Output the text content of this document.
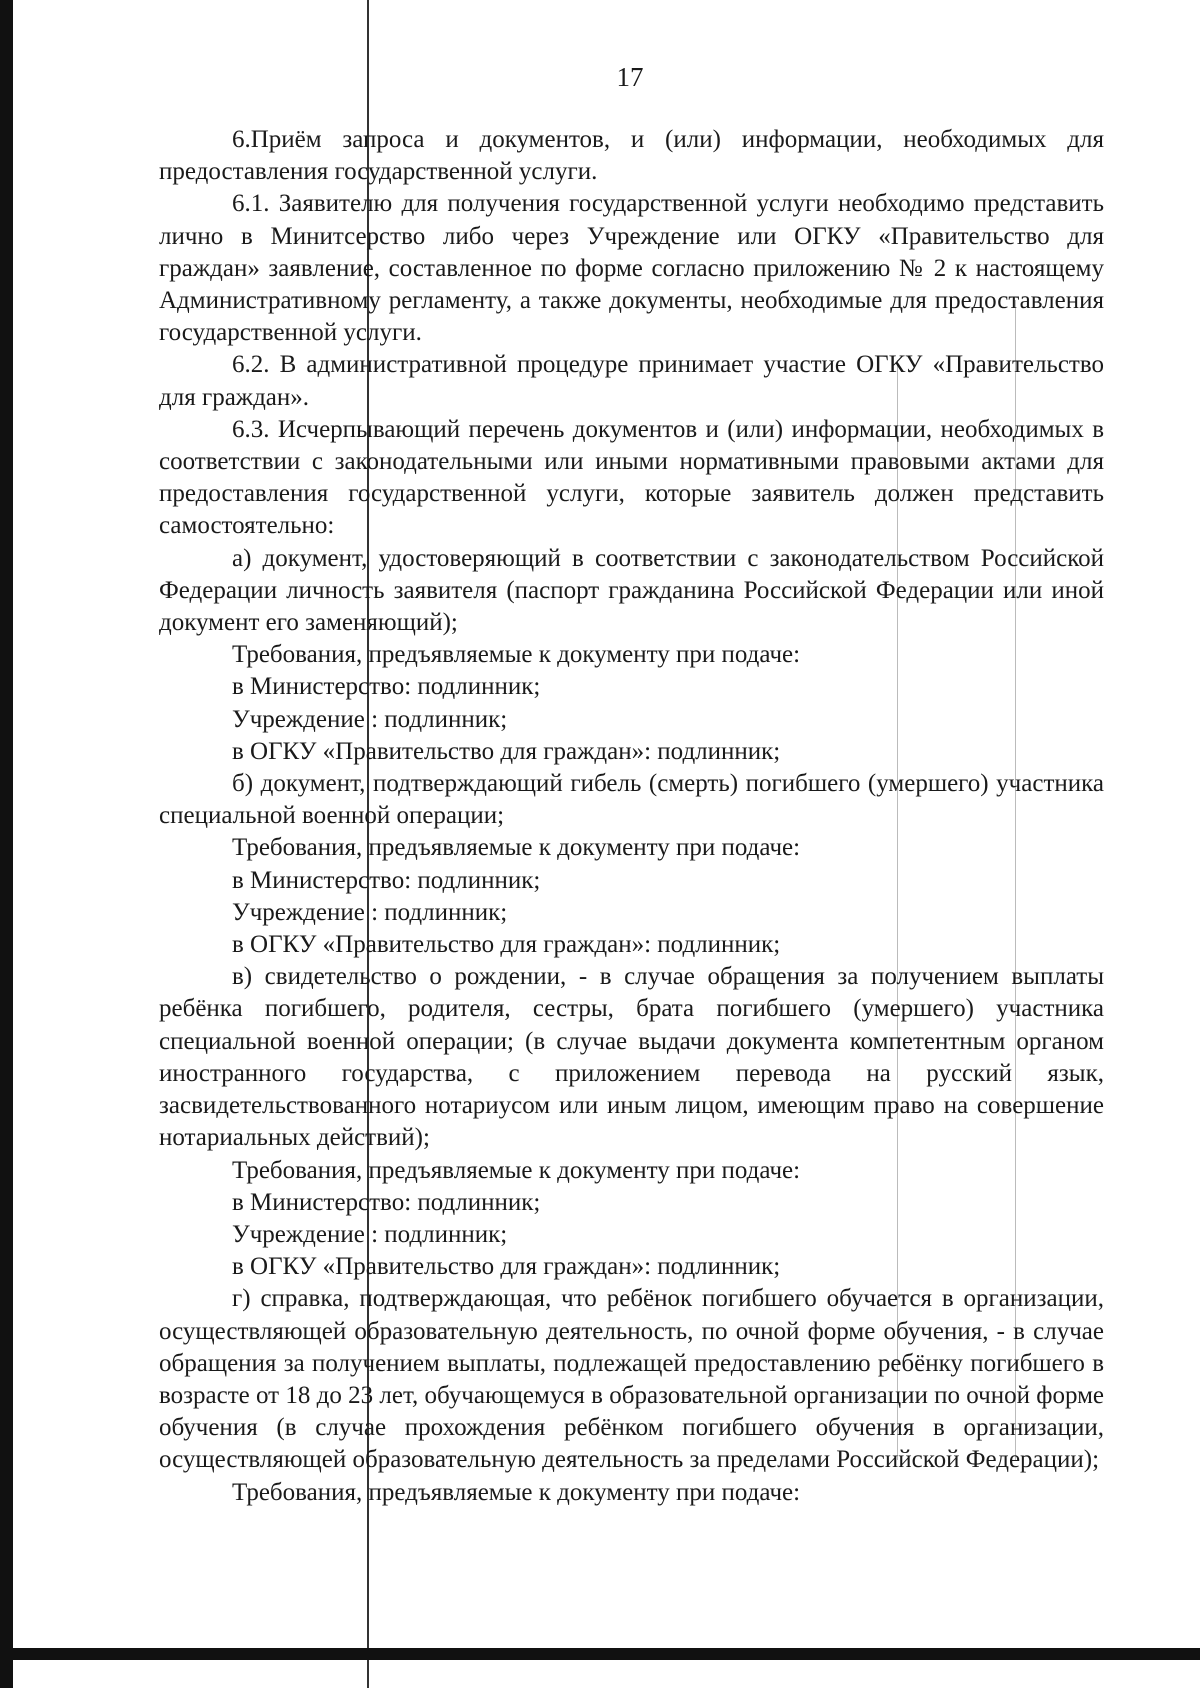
17

6.Приём запроса и документов, и (или) информации, необходимых для предоставления государственной услуги.

6.1. Заявителю для получения государственной услуги необходимо представить лично в Минитсерство либо через Учреждение или ОГКУ «Правительство для граждан» заявление, составленное по форме согласно приложению № 2 к настоящему Административному регламенту, а также документы, необходимые для предоставления государственной услуги.

6.2. В административной процедуре принимает участие ОГКУ «Правительство для граждан».

6.3. Исчерпывающий перечень документов и (или) информации, необходимых в соответствии с законодательными или иными нормативными правовыми актами для предоставления государственной услуги, которые заявитель должен представить самостоятельно:

а) документ, удостоверяющий в соответствии с законодательством Российской Федерации личность заявителя (паспорт гражданина Российской Федерации или иной документ его заменяющий);

Требования, предъявляемые к документу при подаче:

в Министерство: подлинник;

Учреждение : подлинник;

в ОГКУ «Правительство для граждан»: подлинник;

б) документ, подтверждающий гибель (смерть) погибшего (умершего) участника специальной военной операции;

Требования, предъявляемые к документу при подаче:

в Министерство: подлинник;

Учреждение : подлинник;

в ОГКУ «Правительство для граждан»: подлинник;

в) свидетельство о рождении, - в случае обращения за получением выплаты ребёнка погибшего, родителя, сестры, брата погибшего (умершего) участника специальной военной операции; (в случае выдачи документа компетентным органом иностранного государства, с приложением перевода на русский язык, засвидетельствованного нотариусом или иным лицом, имеющим право на совершение нотариальных действий);

Требования, предъявляемые к документу при подаче:

в Министерство: подлинник;

Учреждение : подлинник;

в ОГКУ «Правительство для граждан»: подлинник;

г) справка, подтверждающая, что ребёнок погибшего обучается в организации, осуществляющей образовательную деятельность, по очной форме обучения, - в случае обращения за получением выплаты, подлежащей предоставлению ребёнку погибшего в возрасте от 18 до 23 лет, обучающемуся в образовательной организации по очной форме обучения (в случае прохождения ребёнком погибшего обучения в организации, осуществляющей образовательную деятельность за пределами Российской Федерации);

Требования, предъявляемые к документу при подаче:
